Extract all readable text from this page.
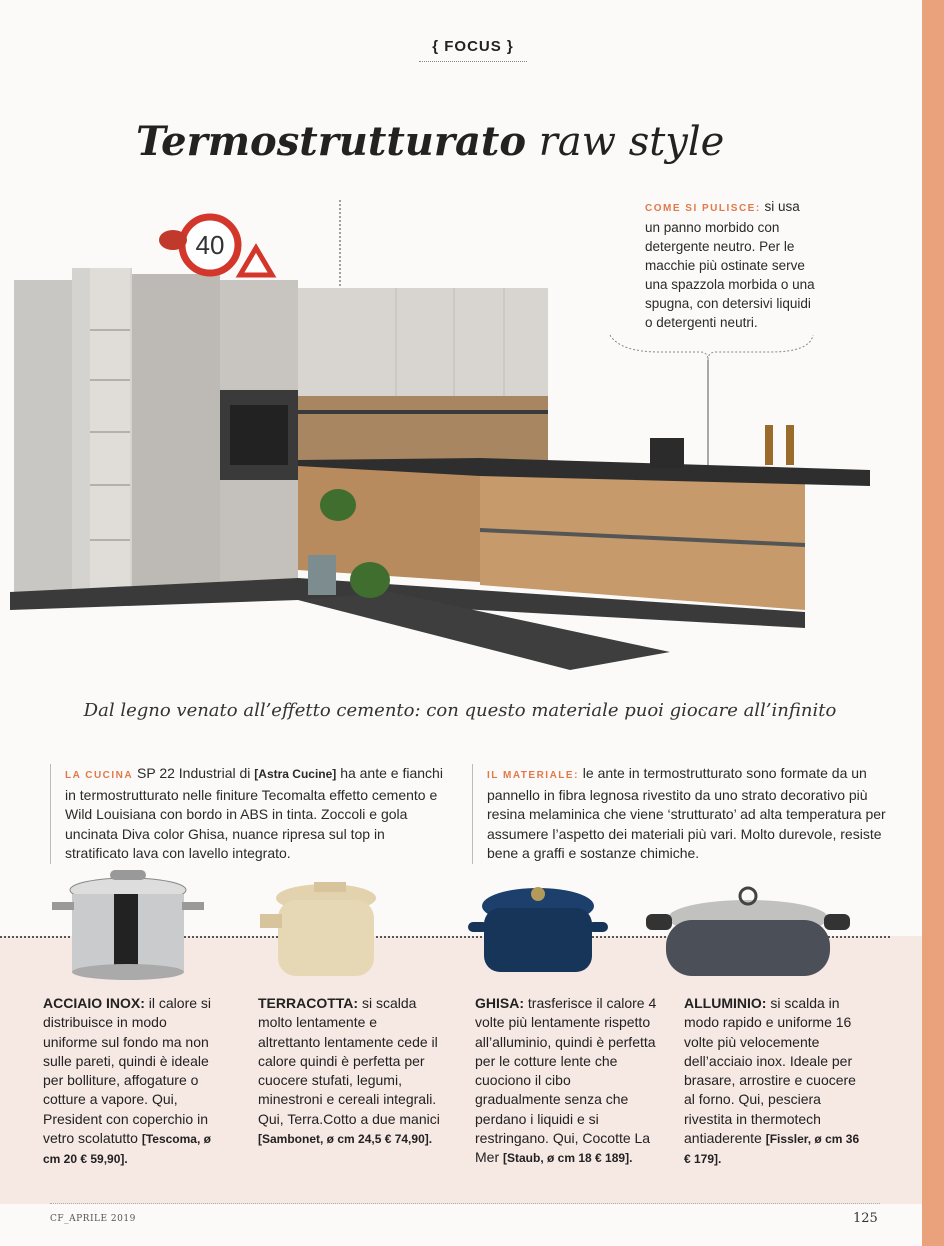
{ FOCUS }
Termostrutturato raw style
40
COME SI PULISCE: si usa un panno morbido con detergente neutro. Per le macchie più ostinate serve una spazzola morbida o una spugna, con detersivi liquidi o detergenti neutri.
Dal legno venato all’effetto cemento: con questo materiale puoi giocare all’infinito
LA CUCINA SP 22 Industrial di [Astra Cucine] ha ante e fianchi in termostrutturato nelle finiture Tecomalta effetto cemento e Wild Louisiana con bordo in ABS in tinta. Zoccoli e gola uncinata Diva color Ghisa, nuance ripresa sul top in stratificato lava con lavello integrato.
IL MATERIALE: le ante in termostrutturato sono formate da un pannello in fibra legnosa rivestito da uno strato decorativo più resina melaminica che viene ‘strutturato’ ad alta temperatura per assumere l’aspetto dei materiali più vari. Molto durevole, resiste bene a graffi e sostanze chimiche.
ACCIAIO INOX: il calore si distribuisce in modo uniforme sul fondo ma non sulle pareti, quindi è ideale per bolliture, affogature o cotture a vapore. Qui, President con coperchio in vetro scolatutto [Tescoma, ø cm 20 € 59,90].
TERRACOTTA: si scalda molto lentamente e altrettanto lentamente cede il calore quindi è perfetta per cuocere stufati, legumi, minestroni e cereali integrali. Qui, Terra.Cotto a due manici [Sambonet, ø cm 24,5 € 74,90].
GHISA: trasferisce il calore 4 volte più lentamente rispetto all’alluminio, quindi è perfetta per le cotture lente che cuociono il cibo gradualmente senza che perdano i liquidi e si restringano. Qui, Cocotte La Mer [Staub, ø cm 18 € 189].
ALLUMINIO: si scalda in modo rapido e uniforme 16 volte più velocemente dell’acciaio inox. Ideale per brasare, arrostire e cuocere al forno. Qui, pesciera rivestita in thermotech antiaderente [Fissler, ø cm 36 € 179].
CF_APRILE 2019	125
